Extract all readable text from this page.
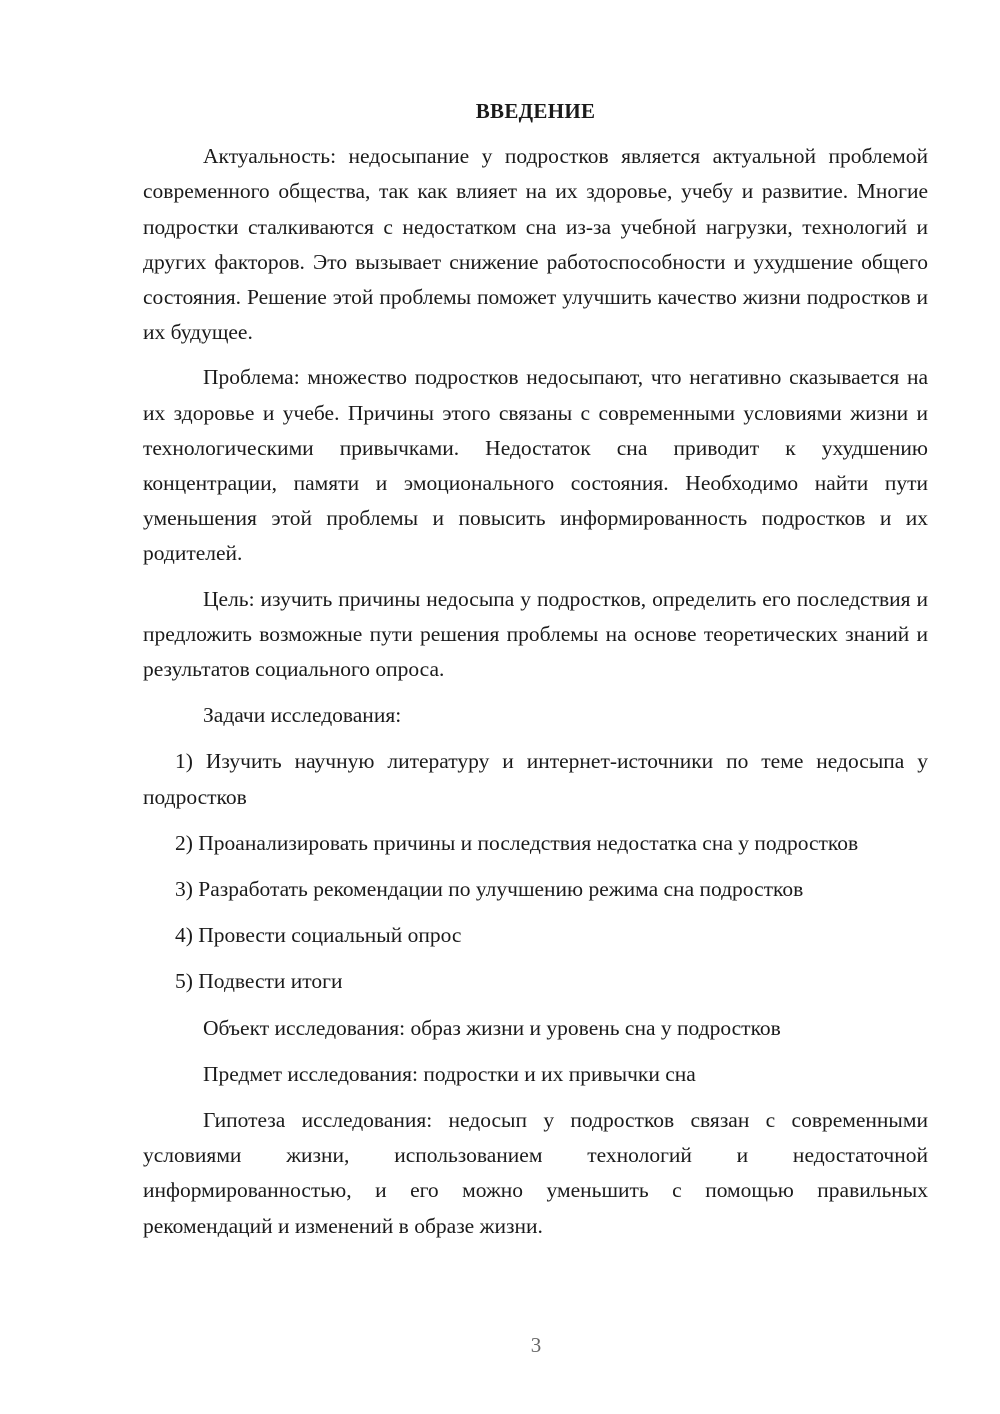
ВВЕДЕНИЕ

Актуальность: недосыпание у подростков является актуальной проблемой современного общества, так как влияет на их здоровье, учебу и развитие. Многие подростки сталкиваются с недостатком сна из-за учебной нагрузки, технологий и других факторов. Это вызывает снижение работоспособности и ухудшение общего состояния. Решение этой проблемы поможет улучшить качество жизни подростков и их будущее.

Проблема: множество подростков недосыпают, что негативно сказывается на их здоровье и учебе. Причины этого связаны с современными условиями жизни и технологическими привычками. Недостаток сна приводит к ухудшению концентрации, памяти и эмоционального состояния. Необходимо найти пути уменьшения этой проблемы и повысить информированность подростков и их родителей.

Цель: изучить причины недосыпа у подростков, определить его последствия и предложить возможные пути решения проблемы на основе теоретических знаний и результатов социального опроса.

Задачи исследования:

1) Изучить научную литературу и интернет-источники по теме недосыпа у подростков

2) Проанализировать причины и последствия недостатка сна у подростков

3) Разработать рекомендации по улучшению режима сна подростков

4) Провести социальный опрос

5) Подвести итоги

Объект исследования: образ жизни и уровень сна у подростков

Предмет исследования: подростки и их привычки сна

Гипотеза исследования: недосып у подростков связан с современными условиями жизни, использованием технологий и недостаточной информированностью, и его можно уменьшить с помощью правильных рекомендаций и изменений в образе жизни.

3
